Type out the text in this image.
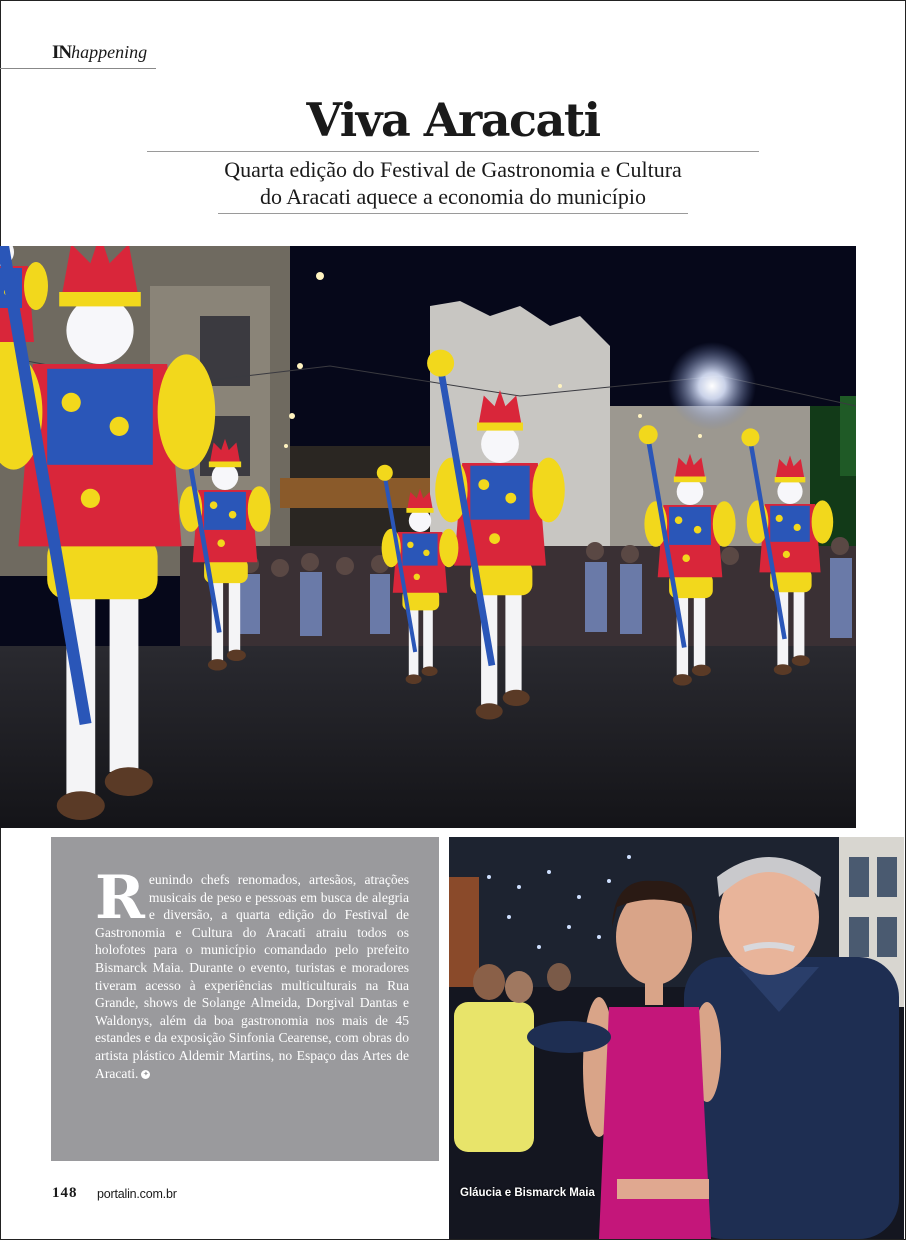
INhappening
Viva Aracati
Quarta edição do Festival de Gastronomia e Cultura
do Aracati aquece a economia do município

Reunindo chefs renomados, artesãos, atrações musicais de peso e pessoas em busca de alegria e diversão, a quarta edição do Festival de Gastronomia e Cultura do Aracati atraiu todos os holofotes para o município comandado pelo prefeito Bismarck Maia. Durante o evento, turistas e moradores tiveram acesso à experiências multiculturais na Rua Grande, shows de Solange Almeida, Dorgival Dantas e Waldonys, além da boa gastronomia nos mais de 45 estandes e da exposição Sinfonia Cearense, com obras do artista plástico Aldemir Martins, no Espaço das Artes de Aracati. ✦

Gláucia e Bismarck Maia
148 portalin.com.br
